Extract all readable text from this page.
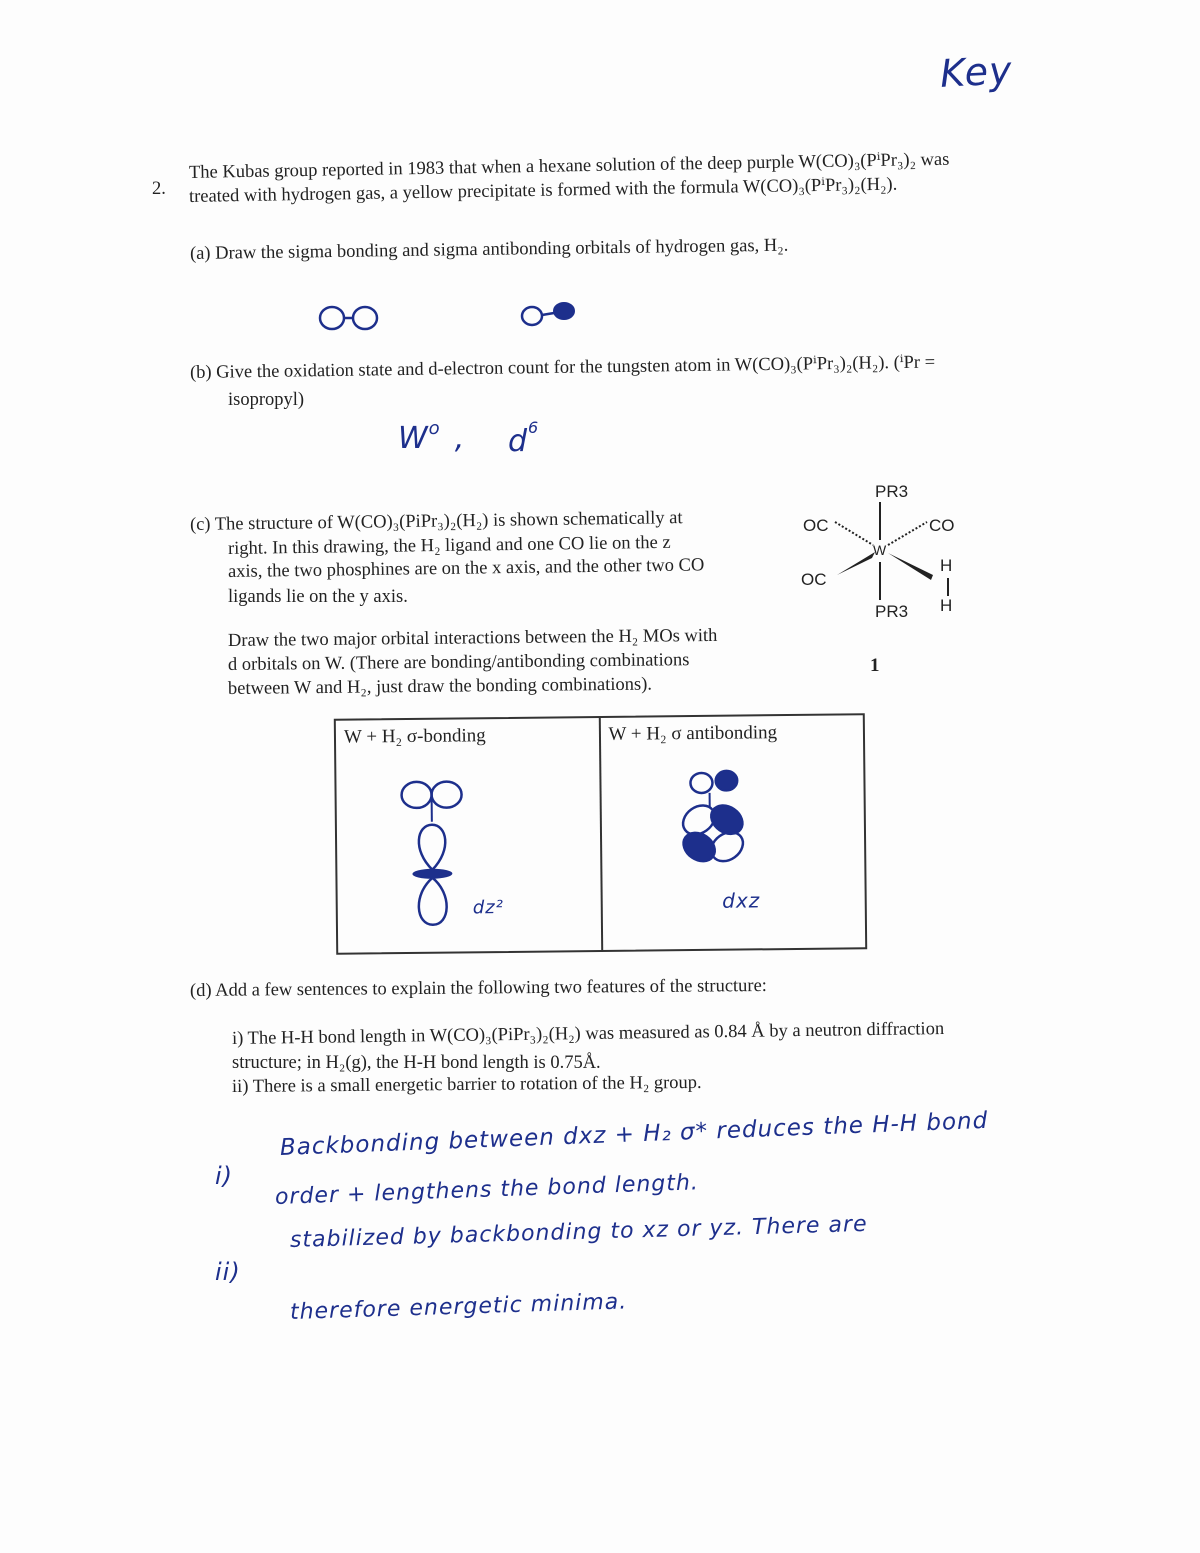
Key
2.
The Kubas group reported in 1983 that when a hexane solution of the deep purple W(CO)₃(PⁱPr₃)₂ was
treated with hydrogen gas, a yellow precipitate is formed with the formula W(CO)₃(PⁱPr₃)₂(H₂).
(a) Draw the sigma bonding and sigma antibonding orbitals of hydrogen gas, H₂.
(b) Give the oxidation state and d-electron count for the tungsten atom in W(CO)₃(PⁱPr₃)₂(H₂). (ⁱPr =
isopropyl)
$W^o$ , $d^6$
(c) The structure of W(CO)₃(PiPr₃)₂(H₂) is shown schematically at
right. In this drawing, the H₂ ligand and one CO lie on the z
axis, the two phosphines are on the x axis, and the other two CO
ligands lie on the y axis.
Draw the two major orbital interactions between the H₂ MOs with
d orbitals on W. (There are bonding/antibonding combinations
between W and H₂, just draw the bonding combinations).
PR3
OC	CO
W
OC
H
H
PR3
1
W + H₂ σ-bonding
dz²
W + H₂ σ antibonding
dxz
(d) Add a few sentences to explain the following two features of the structure:
i) The H-H bond length in W(CO)₃(PiPr₃)₂(H₂) was measured as 0.84 Å by a neutron diffraction
structure; in H₂(g), the H-H bond length is 0.75Å.
ii) There is a small energetic barrier to rotation of the H₂ group.
i)
Backbonding between dxz + H₂ σ* reduces the H-H bond
order + lengthens the bond length.
ii)
stabilized by backbonding to xz or yz. There are
therefore energetic minima.
